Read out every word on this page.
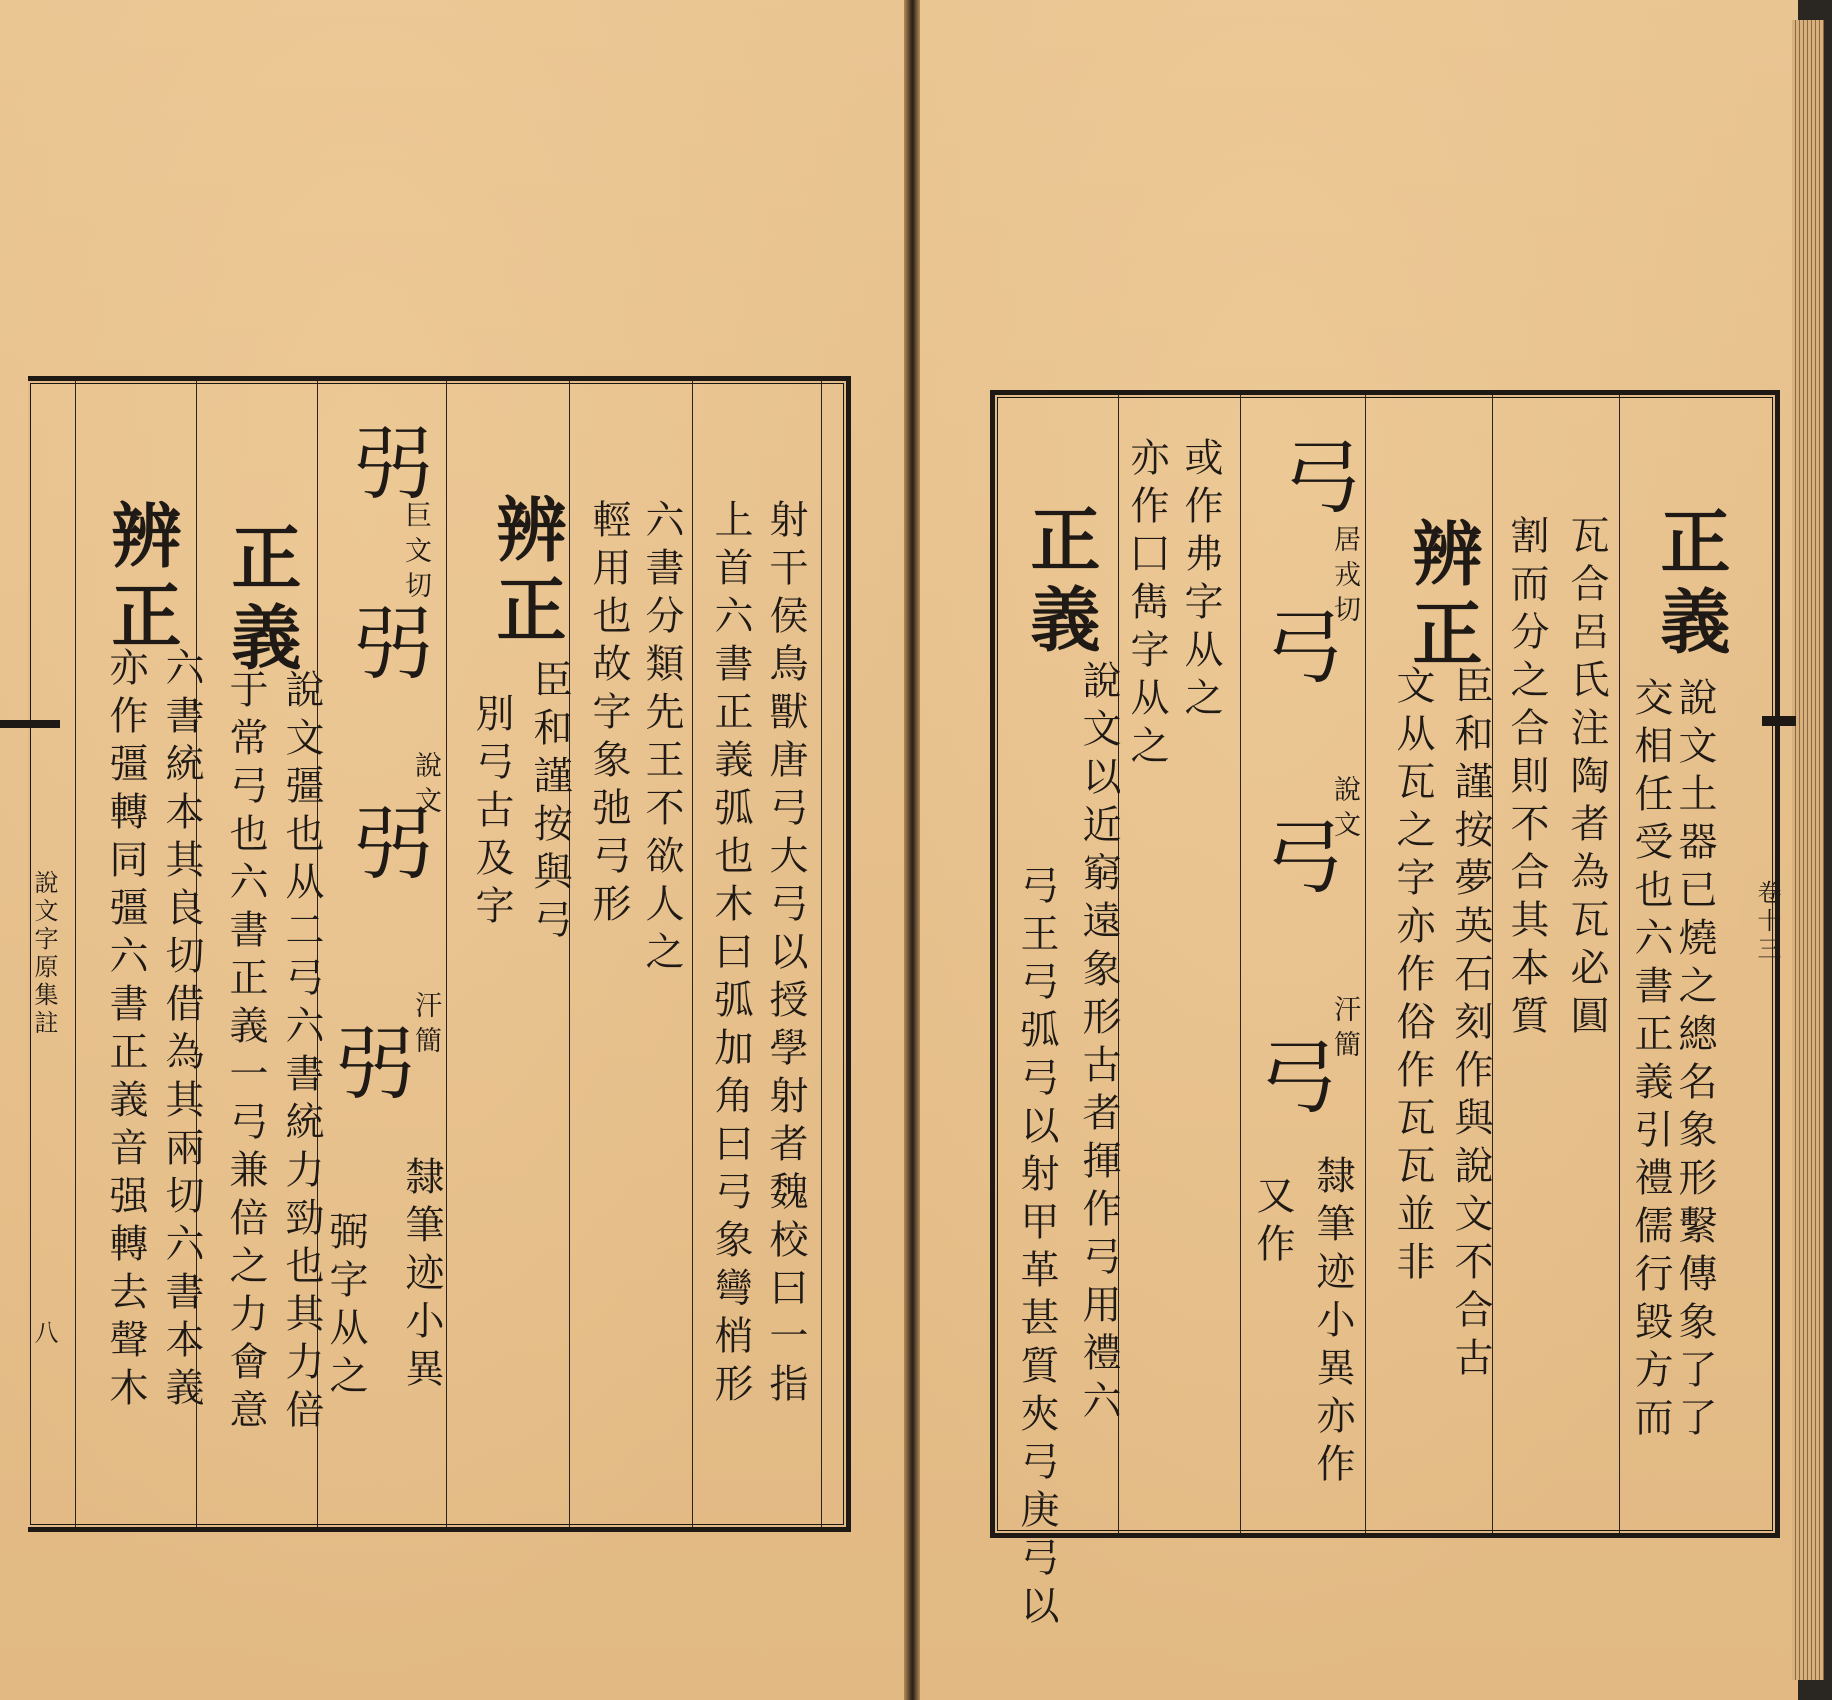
射干侯鳥獸唐弓大弓以授學射者魏校曰一指
上首六書正義弧也木曰弧加角曰弓象彎梢形
六書分類先王不欲人之
輕用也故字象弛弓形
辨正
臣和謹按與弓
別弓古及字
弜
巨文切
說文
弜
弜
汗簡
弜
隸筆迹小異
弼字从之
正義
說文彊也从二弓六書統力勁也其力倍
于常弓也六書正義一弓兼倍之力會意
辨正
六書統本其良切借為其兩切六書本義
亦作彊轉同彊六書正義音强轉去聲木
說文字原集註
八
正義
說文土器已燒之總名象形繫傳象了了
交相任受也六書正義引禮儒行毀方而
瓦合呂氏注陶者為瓦必圓
割而分之合則不合其本質
辨正
臣和謹按夢英石刻作與說文不合古
文从瓦之字亦作俗作瓦瓦並非
弓
居戎切
說文
弓
弓
汗簡
弓
又作 隸筆迹小異亦作
或作弗字从之
亦作囗雋字从之
正義
說文以近窮遠象形古者揮作弓用禮六
弓王弓弧弓以射甲革甚質夾弓庚弓以	卷十三
